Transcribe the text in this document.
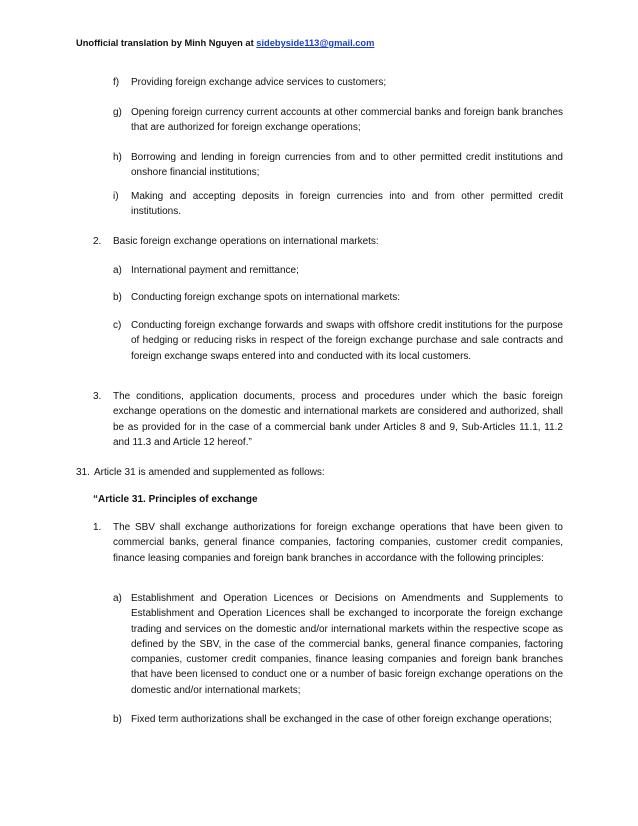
Unofficial translation by Minh Nguyen at sidebyside113@gmail.com
f) Providing foreign exchange advice services to customers;
g) Opening foreign currency current accounts at other commercial banks and foreign bank branches that are authorized for foreign exchange operations;
h) Borrowing and lending in foreign currencies from and to other permitted credit institutions and onshore financial institutions;
i) Making and accepting deposits in foreign currencies into and from other permitted credit institutions.
2. Basic foreign exchange operations on international markets:
a) International payment and remittance;
b) Conducting foreign exchange spots on international markets:
c) Conducting foreign exchange forwards and swaps with offshore credit institutions for the purpose of hedging or reducing risks in respect of the foreign exchange purchase and sale contracts and foreign exchange swaps entered into and conducted with its local customers.
3. The conditions, application documents, process and procedures under which the basic foreign exchange operations on the domestic and international markets are considered and authorized, shall be as provided for in the case of a commercial bank under Articles 8 and 9, Sub-Articles 11.1, 11.2 and 11.3 and Article 12 hereof.”
31. Article 31 is amended and supplemented as follows:
“Article 31. Principles of exchange
1. The SBV shall exchange authorizations for foreign exchange operations that have been given to commercial banks, general finance companies, factoring companies, customer credit companies, finance leasing companies and foreign bank branches in accordance with the following principles:
a) Establishment and Operation Licences or Decisions on Amendments and Supplements to Establishment and Operation Licences shall be exchanged to incorporate the foreign exchange trading and services on the domestic and/or international markets within the respective scope as defined by the SBV, in the case of the commercial banks, general finance companies, factoring companies, customer credit companies, finance leasing companies and foreign bank branches that have been licensed to conduct one or a number of basic foreign exchange operations on the domestic and/or international markets;
b) Fixed term authorizations shall be exchanged in the case of other foreign exchange operations;
